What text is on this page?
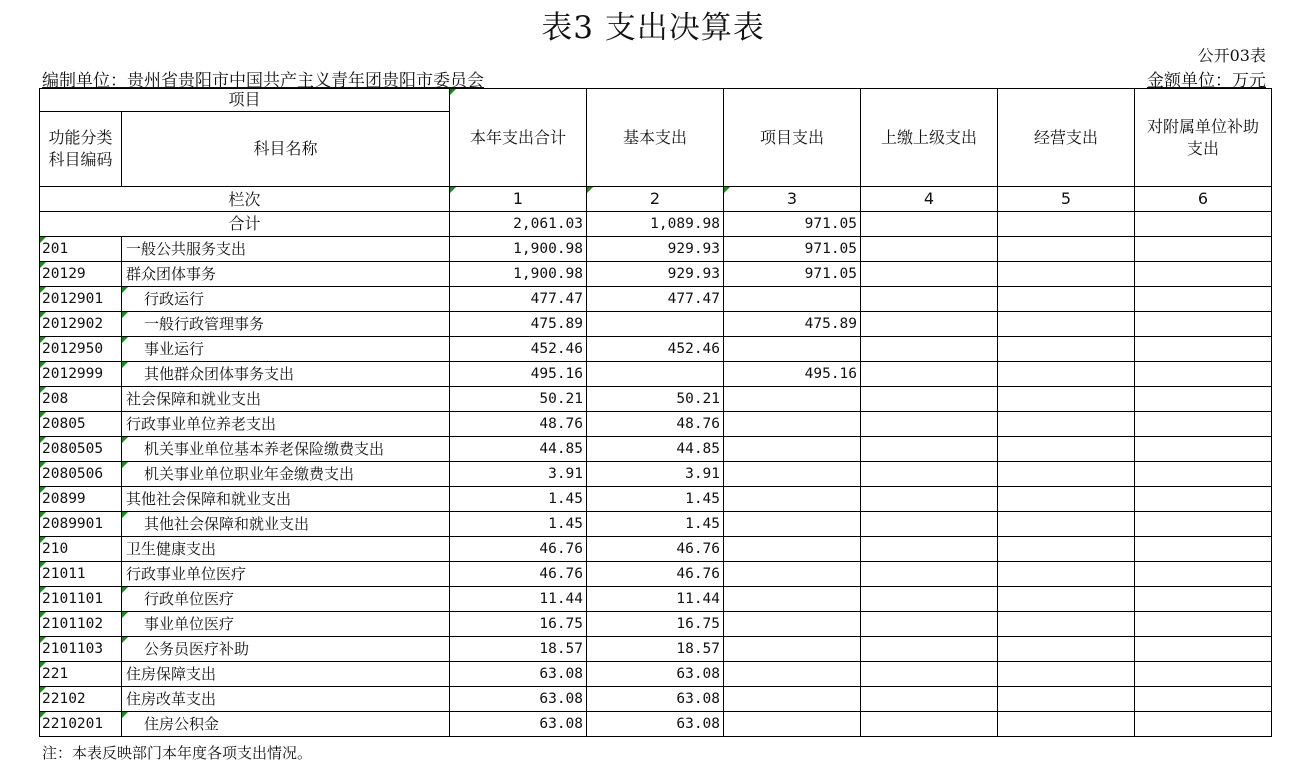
表3 支出决算表
公开03表
编制单位：贵州省贵阳市中国共产主义青年团贵阳市委员会	金额单位：万元
项目		本年支出合计	基本支出	项目支出	上缴上级支出	经营支出	对附属单位补助支出
功能分类科目编码	科目名称						
栏次		1	2	3	4	5	6
合计		2,061.03	1,089.98	971.05			
201	一般公共服务支出	1,900.98	929.93	971.05			
20129	群众团体事务	1,900.98	929.93	971.05			
2012901	行政运行	477.47	477.47				
2012902	一般行政管理事务	475.89		475.89			
2012950	事业运行	452.46	452.46				
2012999	其他群众团体事务支出	495.16		495.16			
208	社会保障和就业支出	50.21	50.21				
20805	行政事业单位养老支出	48.76	48.76				
2080505	机关事业单位基本养老保险缴费支出	44.85	44.85				
2080506	机关事业单位职业年金缴费支出	3.91	3.91				
20899	其他社会保障和就业支出	1.45	1.45				
2089901	其他社会保障和就业支出	1.45	1.45				
210	卫生健康支出	46.76	46.76				
21011	行政事业单位医疗	46.76	46.76				
2101101	行政单位医疗	11.44	11.44				
2101102	事业单位医疗	16.75	16.75				
2101103	公务员医疗补助	18.57	18.57				
221	住房保障支出	63.08	63.08				
22102	住房改革支出	63.08	63.08				
2210201	住房公积金	63.08	63.08				
注：本表反映部门本年度各项支出情况。
